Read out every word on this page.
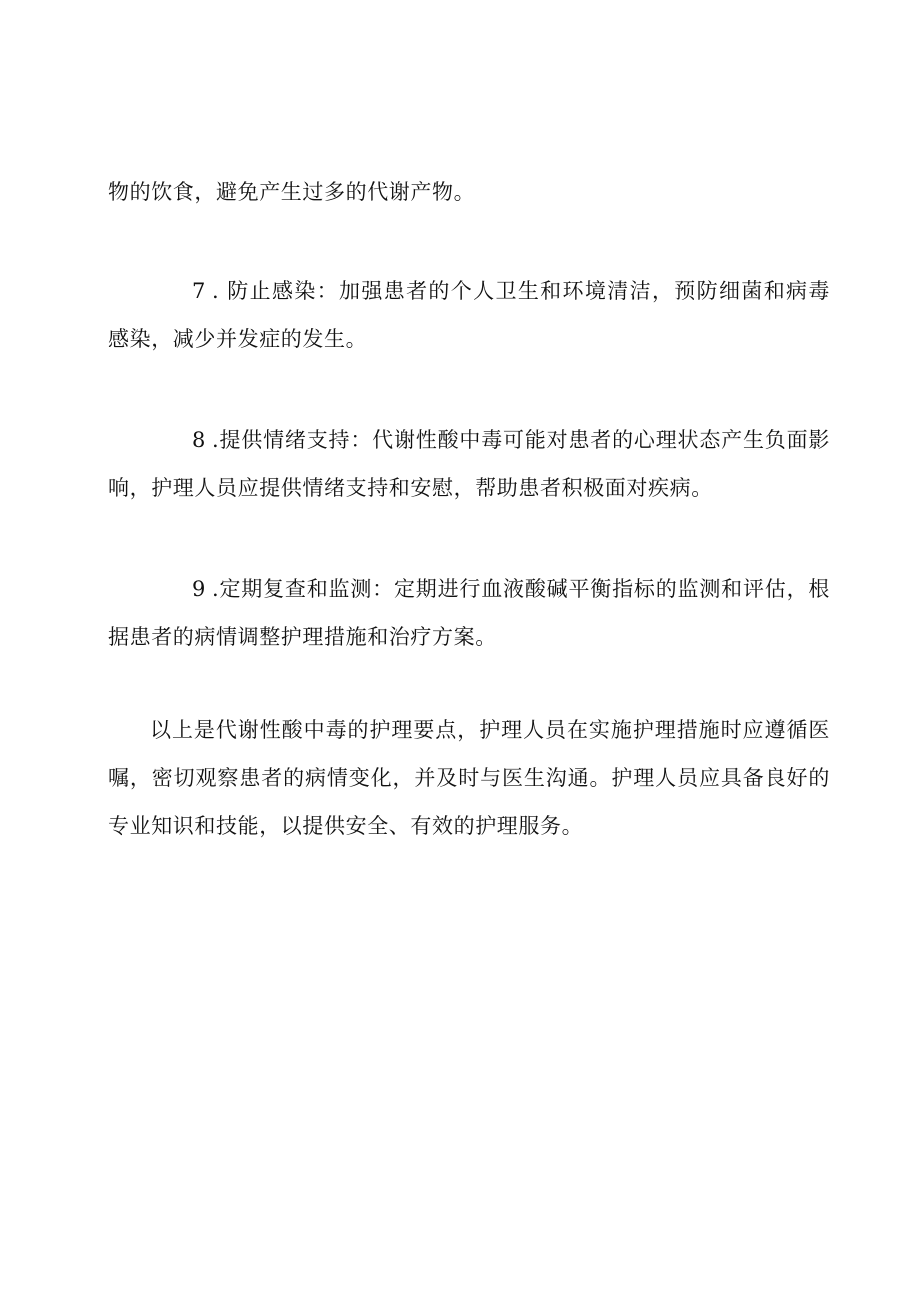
物的饮食，避免产生过多的代谢产物。

7 . 防止感染：加强患者的个人卫生和环境清洁，预防细菌和病毒感染，减少并发症的发生。

8 .提供情绪支持：代谢性酸中毒可能对患者的心理状态产生负面影响，护理人员应提供情绪支持和安慰，帮助患者积极面对疾病。

9 .定期复查和监测：定期进行血液酸碱平衡指标的监测和评估，根据患者的病情调整护理措施和治疗方案。

以上是代谢性酸中毒的护理要点，护理人员在实施护理措施时应遵循医嘱，密切观察患者的病情变化，并及时与医生沟通。护理人员应具备良好的专业知识和技能，以提供安全、有效的护理服务。
